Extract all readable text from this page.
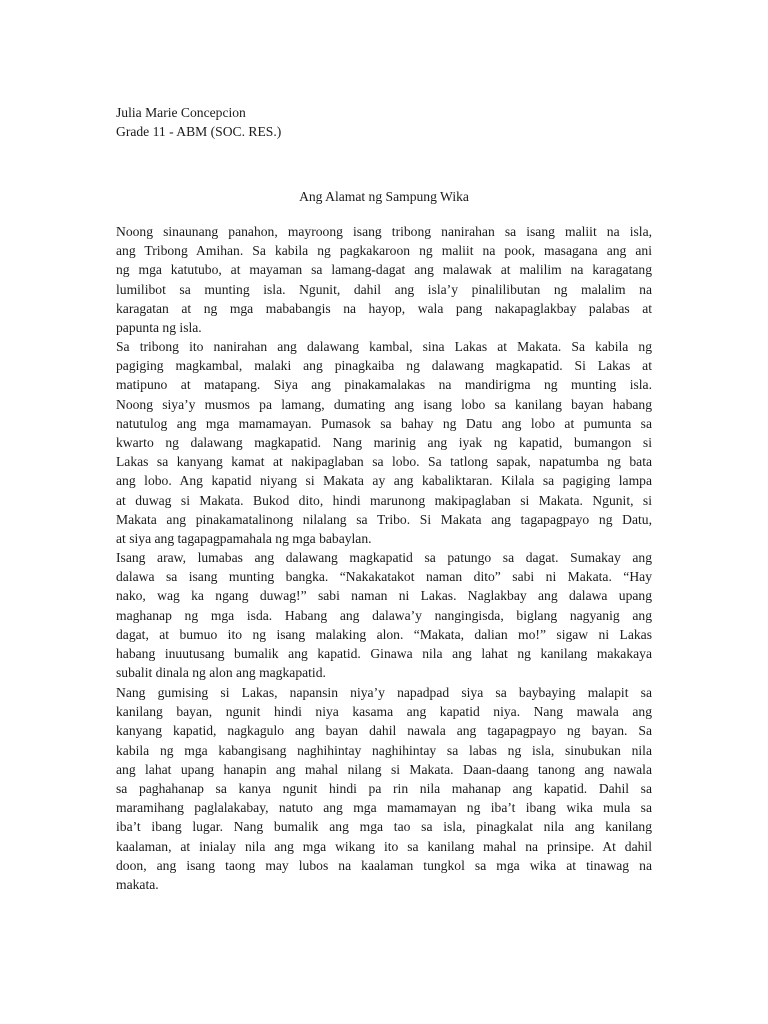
Julia Marie Concepcion
Grade 11 - ABM (SOC. RES.)
Ang Alamat ng Sampung Wika
Noong sinaunang panahon, mayroong isang tribong nanirahan sa isang maliit na isla,
ang Tribong Amihan. Sa kabila ng pagkakaroon ng maliit na pook, masagana ang ani
ng mga katutubo, at mayaman sa lamang-dagat ang malawak at malilim na karagatang
lumilibot sa munting isla. Ngunit, dahil ang isla’y pinalilibutan ng malalim na
karagatan at ng mga mababangis na hayop, wala pang nakapaglakbay palabas at
papunta ng isla.
Sa tribong ito nanirahan ang dalawang kambal, sina Lakas at Makata. Sa kabila ng
pagiging magkambal, malaki ang pinagkaiba ng dalawang magkapatid. Si Lakas at
matipuno at matapang. Siya ang pinakamalakas na mandirigma ng munting isla.
Noong siya’y musmos pa lamang, dumating ang isang lobo sa kanilang bayan habang
natutulog ang mga mamamayan. Pumasok sa bahay ng Datu ang lobo at pumunta sa
kwarto ng dalawang magkapatid. Nang marinig ang iyak ng kapatid, bumangon si
Lakas sa kanyang kamat at nakipaglaban sa lobo. Sa tatlong sapak, napatumba ng bata
ang lobo. Ang kapatid niyang si Makata ay ang kabaliktaran. Kilala sa pagiging lampa
at duwag si Makata. Bukod dito, hindi marunong makipaglaban si Makata. Ngunit, si
Makata ang pinakamatalinong nilalang sa Tribo. Si Makata ang tagapagpayo ng Datu,
at siya ang tagapagpamahala ng mga babaylan.
Isang araw, lumabas ang dalawang magkapatid sa patungo sa dagat. Sumakay ang
dalawa sa isang munting bangka. “Nakakatakot naman dito” sabi ni Makata. “Hay
nako, wag ka ngang duwag!” sabi naman ni Lakas. Naglakbay ang dalawa upang
maghanap ng mga isda. Habang ang dalawa’y nangingisda, biglang nagyanig ang
dagat, at bumuo ito ng isang malaking alon. “Makata, dalian mo!” sigaw ni Lakas
habang inuutusang bumalik ang kapatid. Ginawa nila ang lahat ng kanilang makakaya
subalit dinala ng alon ang magkapatid.
Nang gumising si Lakas, napansin niya’y napadpad siya sa baybaying malapit sa
kanilang bayan, ngunit hindi niya kasama ang kapatid niya. Nang mawala ang
kanyang kapatid, nagkagulo ang bayan dahil nawala ang tagapagpayo ng bayan. Sa
kabila ng mga kabangisang naghihintay naghihintay sa labas ng isla, sinubukan nila
ang lahat upang hanapin ang mahal nilang si Makata. Daan-daang tanong ang nawala
sa paghahanap sa kanya ngunit hindi pa rin nila mahanap ang kapatid. Dahil sa
maramihang paglalakabay, natuto ang mga mamamayan ng iba’t ibang wika mula sa
iba’t ibang lugar. Nang bumalik ang mga tao sa isla, pinagkalat nila ang kanilang
kaalaman, at inialay nila ang mga wikang ito sa kanilang mahal na prinsipe. At dahil
doon, ang isang taong may lubos na kaalaman tungkol sa mga wika at tinawag na
makata.
